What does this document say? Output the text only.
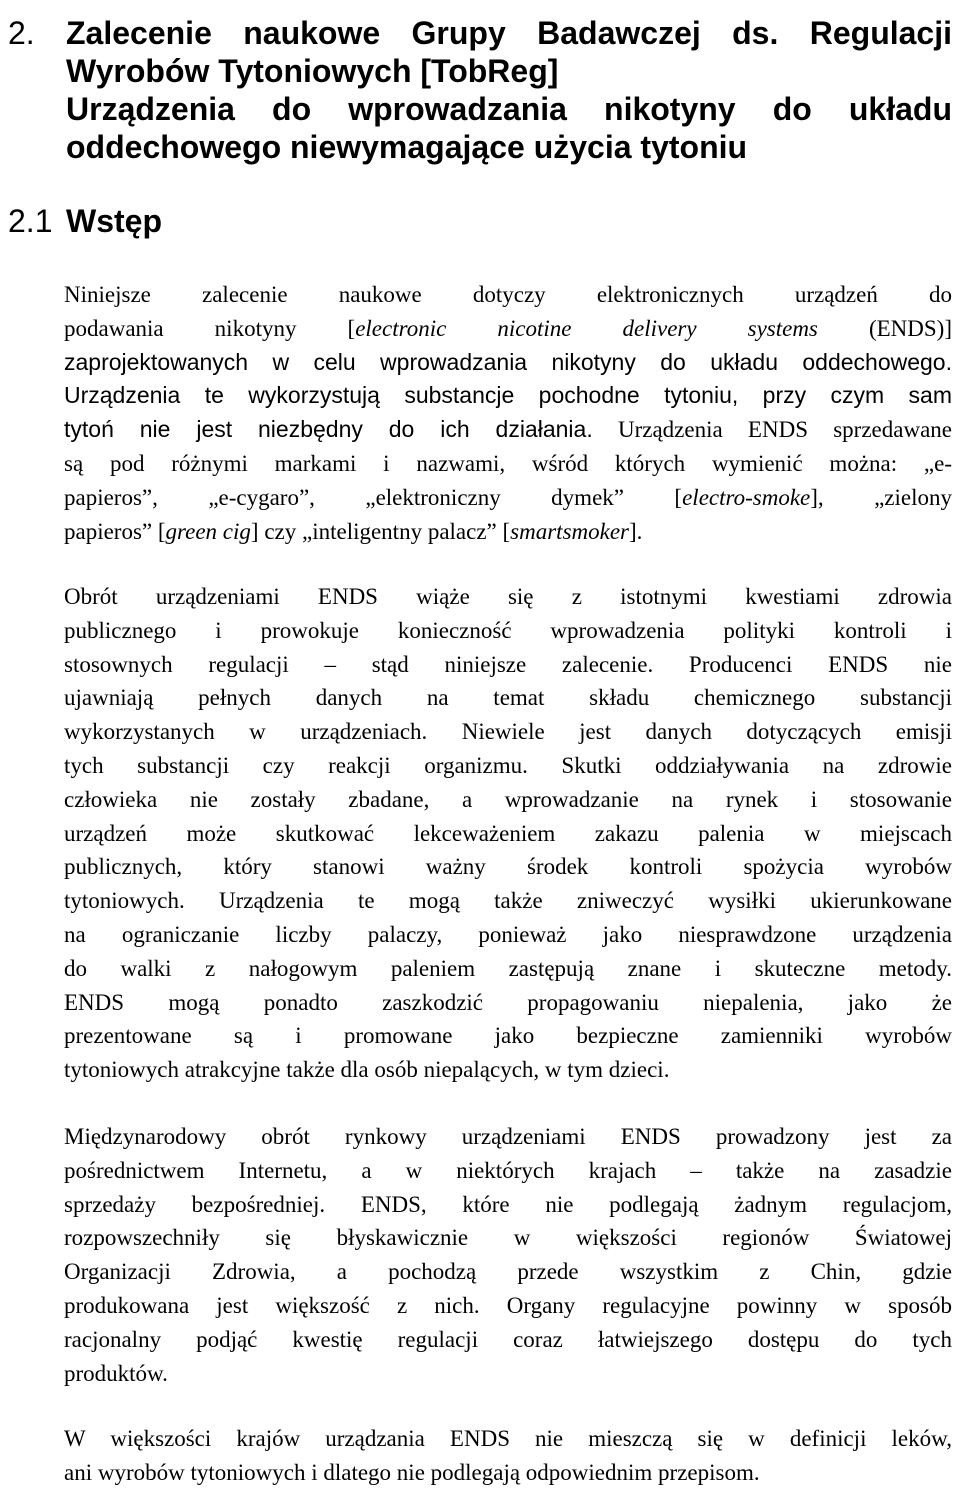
2. Zalecenie naukowe Grupy Badawczej ds. Regulacji
Wyrobów Tytoniowych [TobReg]
Urządzenia do wprowadzania nikotyny do układu
oddechowego niewymagające użycia tytoniu
2.1 Wstęp
Niniejsze zalecenie naukowe dotyczy elektronicznych urządzeń do
podawania nikotyny [electronic nicotine delivery systems (ENDS)]
zaprojektowanych w celu wprowadzania nikotyny do układu oddechowego.
Urządzenia te wykorzystują substancje pochodne tytoniu, przy czym sam
tytoń nie jest niezbędny do ich działania. Urządzenia ENDS sprzedawane
są pod różnymi markami i nazwami, wśród których wymienić można: „e-
papieros”, „e-cygaro”, „elektroniczny dymek” [electro-smoke], „zielony
papieros” [green cig] czy „inteligentny palacz” [smartsmoker].
Obrót urządzeniami ENDS wiąże się z istotnymi kwestiami zdrowia
publicznego i prowokuje konieczność wprowadzenia polityki kontroli i
stosownych regulacji – stąd niniejsze zalecenie. Producenci ENDS nie
ujawniają pełnych danych na temat składu chemicznego substancji
wykorzystanych w urządzeniach. Niewiele jest danych dotyczących emisji
tych substancji czy reakcji organizmu. Skutki oddziaływania na zdrowie
człowieka nie zostały zbadane, a wprowadzanie na rynek i stosowanie
urządzeń może skutkować lekceważeniem zakazu palenia w miejscach
publicznych, który stanowi ważny środek kontroli spożycia wyrobów
tytoniowych. Urządzenia te mogą także zniweczyć wysiłki ukierunkowane
na ograniczanie liczby palaczy, ponieważ jako niesprawdzone urządzenia
do walki z nałogowym paleniem zastępują znane i skuteczne metody.
ENDS mogą ponadto zaszkodzić propagowaniu niepalenia, jako że
prezentowane są i promowane jako bezpieczne zamienniki wyrobów
tytoniowych atrakcyjne także dla osób niepalących, w tym dzieci.
Międzynarodowy obrót rynkowy urządzeniami ENDS prowadzony jest za
pośrednictwem Internetu, a w niektórych krajach – także na zasadzie
sprzedaży bezpośredniej. ENDS, które nie podlegają żadnym regulacjom,
rozpowszechniły się błyskawicznie w większości regionów Światowej
Organizacji Zdrowia, a pochodzą przede wszystkim z Chin, gdzie
produkowana jest większość z nich. Organy regulacyjne powinny w sposób
racjonalny podjąć kwestię regulacji coraz łatwiejszego dostępu do tych
produktów.
W większości krajów urządzania ENDS nie mieszczą się w definicji leków,
ani wyrobów tytoniowych i dlatego nie podlegają odpowiednim przepisom.
